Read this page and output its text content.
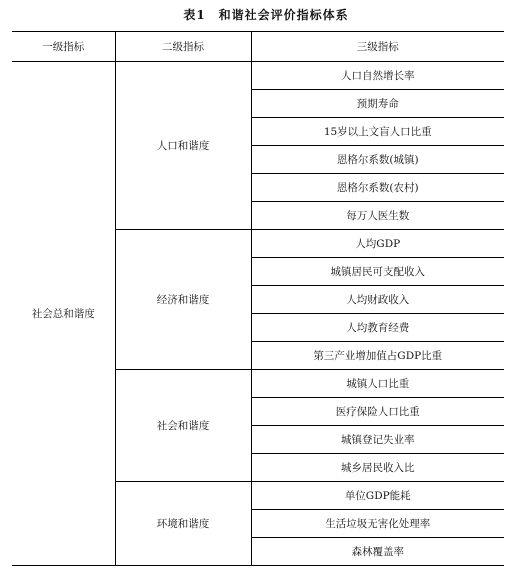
表1　和谐社会评价指标体系
一级指标	二级指标	三级指标
社会总和谐度	人口和谐度	人口自然增长率
		预期寿命
		15岁以上文盲人口比重
		恩格尔系数(城镇)
		恩格尔系数(农村)
		每万人医生数
	经济和谐度	人均GDP
		城镇居民可支配收入
		人均财政收入
		人均教育经费
		第三产业增加值占GDP比重
	社会和谐度	城镇人口比重
		医疗保险人口比重
		城镇登记失业率
		城乡居民收入比
	环境和谐度	单位GDP能耗
		生活垃圾无害化处理率
		森林覆盖率
